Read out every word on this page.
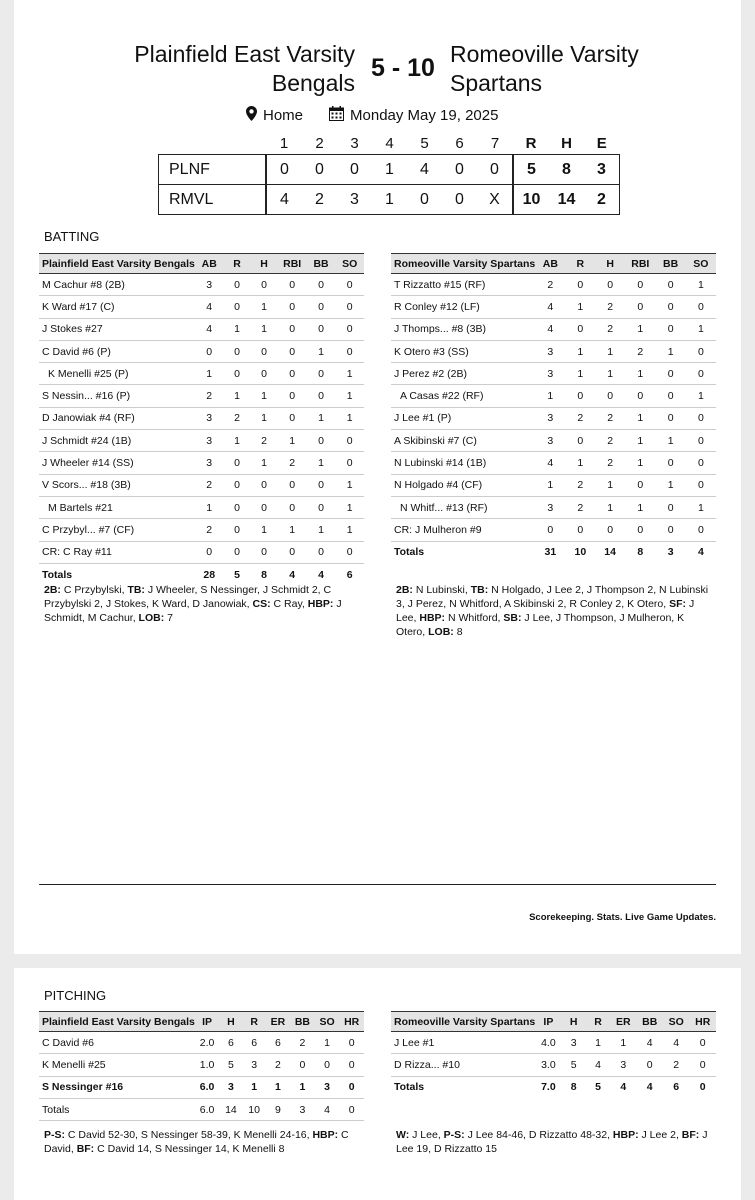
Plainfield East Varsity
Bengals
5 - 10 Romeoville Varsity
Spartans
Home	Monday May 19, 2025
	1	2	3	4	5	6	7	R	H	E
PLNF	0	0	0	1	4	0	0	5	8	3
RMVL	4	2	3	1	0	0	X	10	14	2
BATTING
Plainfield East Varsity Bengals	AB	R	H	RBI	BB	SO
M Cachur #8 (2B)	3	0	0	0	0	0
K Ward #17 (C)	4	0	1	0	0	0
J Stokes #27	4	1	1	0	0	0
C David #6 (P)	0	0	0	0	1	0
K Menelli #25 (P)	1	0	0	0	0	1
S Nessin... #16 (P)	2	1	1	0	0	1
D Janowiak #4 (RF)	3	2	1	0	1	1
J Schmidt #24 (1B)	3	1	2	1	0	0
J Wheeler #14 (SS)	3	0	1	2	1	0
V Scors... #18 (3B)	2	0	0	0	0	1
M Bartels #21	1	0	0	0	0	1
C Przybyl... #7 (CF)	2	0	1	1	1	1
CR: C Ray #11	0	0	0	0	0	0
Totals	28	5	8	4	4	6
Romeoville Varsity Spartans	AB	R	H	RBI	BB	SO
T Rizzatto #15 (RF)	2	0	0	0	0	1
R Conley #12 (LF)	4	1	2	0	0	0
J Thomps... #8 (3B)	4	0	2	1	0	1
K Otero #3 (SS)	3	1	1	2	1	0
J Perez #2 (2B)	3	1	1	1	0	0
A Casas #22 (RF)	1	0	0	0	0	1
J Lee #1 (P)	3	2	2	1	0	0
A Skibinski #7 (C)	3	0	2	1	1	0
N Lubinski #14 (1B)	4	1	2	1	0	0
N Holgado #4 (CF)	1	2	1	0	1	0
N Whitf... #13 (RF)	3	2	1	1	0	1
CR: J Mulheron #9	0	0	0	0	0	0
Totals	31	10	14	8	3	4
2B: C Przybylski, TB: J Wheeler, S Nessinger, J Schmidt 2, C Przybylski 2, J Stokes, K Ward, D Janowiak, CS: C Ray, HBP: J Schmidt, M Cachur, LOB: 7
2B: N Lubinski, TB: N Holgado, J Lee 2, J Thompson 2, N Lubinski 3, J Perez, N Whitford, A Skibinski 2, R Conley 2, K Otero, SF: J Lee, HBP: N Whitford, SB: J Lee, J Thompson, J Mulheron, K Otero, LOB: 8
Scorekeeping. Stats. Live Game Updates.
PITCHING
Plainfield East Varsity Bengals	IP	H	R	ER	BB	SO	HR
C David #6	2.0	6	6	6	2	1	0
K Menelli #25	1.0	5	3	2	0	0	0
S Nessinger #16	6.0	3	1	1	1	3	0
Totals	6.0	14	10	9	3	4	0
Romeoville Varsity Spartans	IP	H	R	ER	BB	SO	HR
J Lee #1	4.0	3	1	1	4	4	0
D Rizza... #10	3.0	5	4	3	0	2	0
Totals	7.0	8	5	4	4	6	0
P-S: C David 52-30, S Nessinger 58-39, K Menelli 24-16, HBP: C David, BF: C David 14, S Nessinger 14, K Menelli 8
W: J Lee, P-S: J Lee 84-46, D Rizzatto 48-32, HBP: J Lee 2, BF: J Lee 19, D Rizzatto 15
